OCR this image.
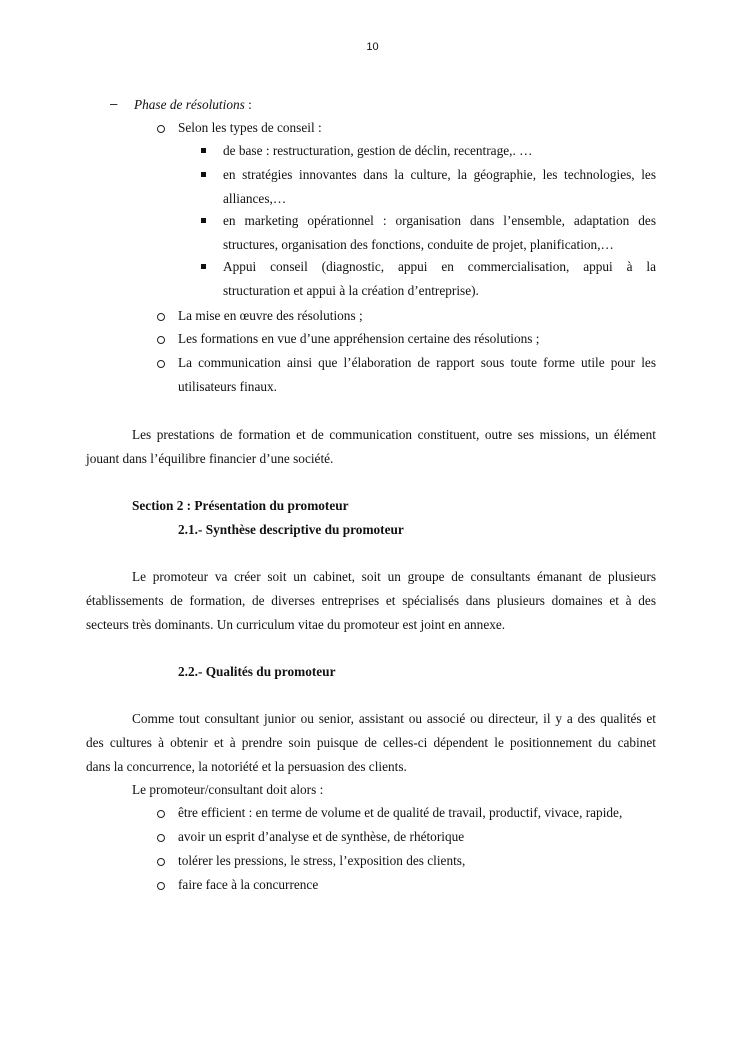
10
– Phase de résolutions :
Selon les types de conseil :
de base : restructuration, gestion de déclin, recentrage,. …
en stratégies innovantes dans la culture, la géographie, les technologies, les
alliances,…
en marketing opérationnel : organisation dans l’ensemble, adaptation des
structures, organisation des fonctions, conduite de projet, planification,…
Appui conseil (diagnostic, appui en commercialisation, appui à la
structuration et appui à la création d’entreprise).
La mise en œuvre des résolutions ;
Les formations en vue d’une appréhension certaine des résolutions ;
La communication ainsi que l’élaboration de rapport sous toute forme utile pour les
utilisateurs finaux.
Les prestations de formation et de communication constituent, outre ses missions, un élément
jouant dans l’équilibre financier d’une société.
Section 2 : Présentation du promoteur
2.1.- Synthèse descriptive du promoteur
Le promoteur va créer soit un cabinet, soit un groupe de consultants émanant de plusieurs
établissements de formation, de diverses entreprises et spécialisés dans plusieurs domaines et à des
secteurs très dominants. Un curriculum vitae du promoteur est joint en annexe.
2.2.- Qualités du promoteur
Comme tout consultant junior ou senior, assistant ou associé ou directeur, il y a des qualités et
des cultures à obtenir et à prendre soin puisque de celles-ci dépendent le positionnement du cabinet
dans la concurrence, la notoriété et la persuasion des clients.
Le promoteur/consultant doit alors :
être efficient : en terme de volume et de qualité de travail, productif, vivace, rapide,
avoir un esprit d’analyse et de synthèse, de rhétorique
tolérer les pressions, le stress, l’exposition des clients,
faire face à la concurrence
